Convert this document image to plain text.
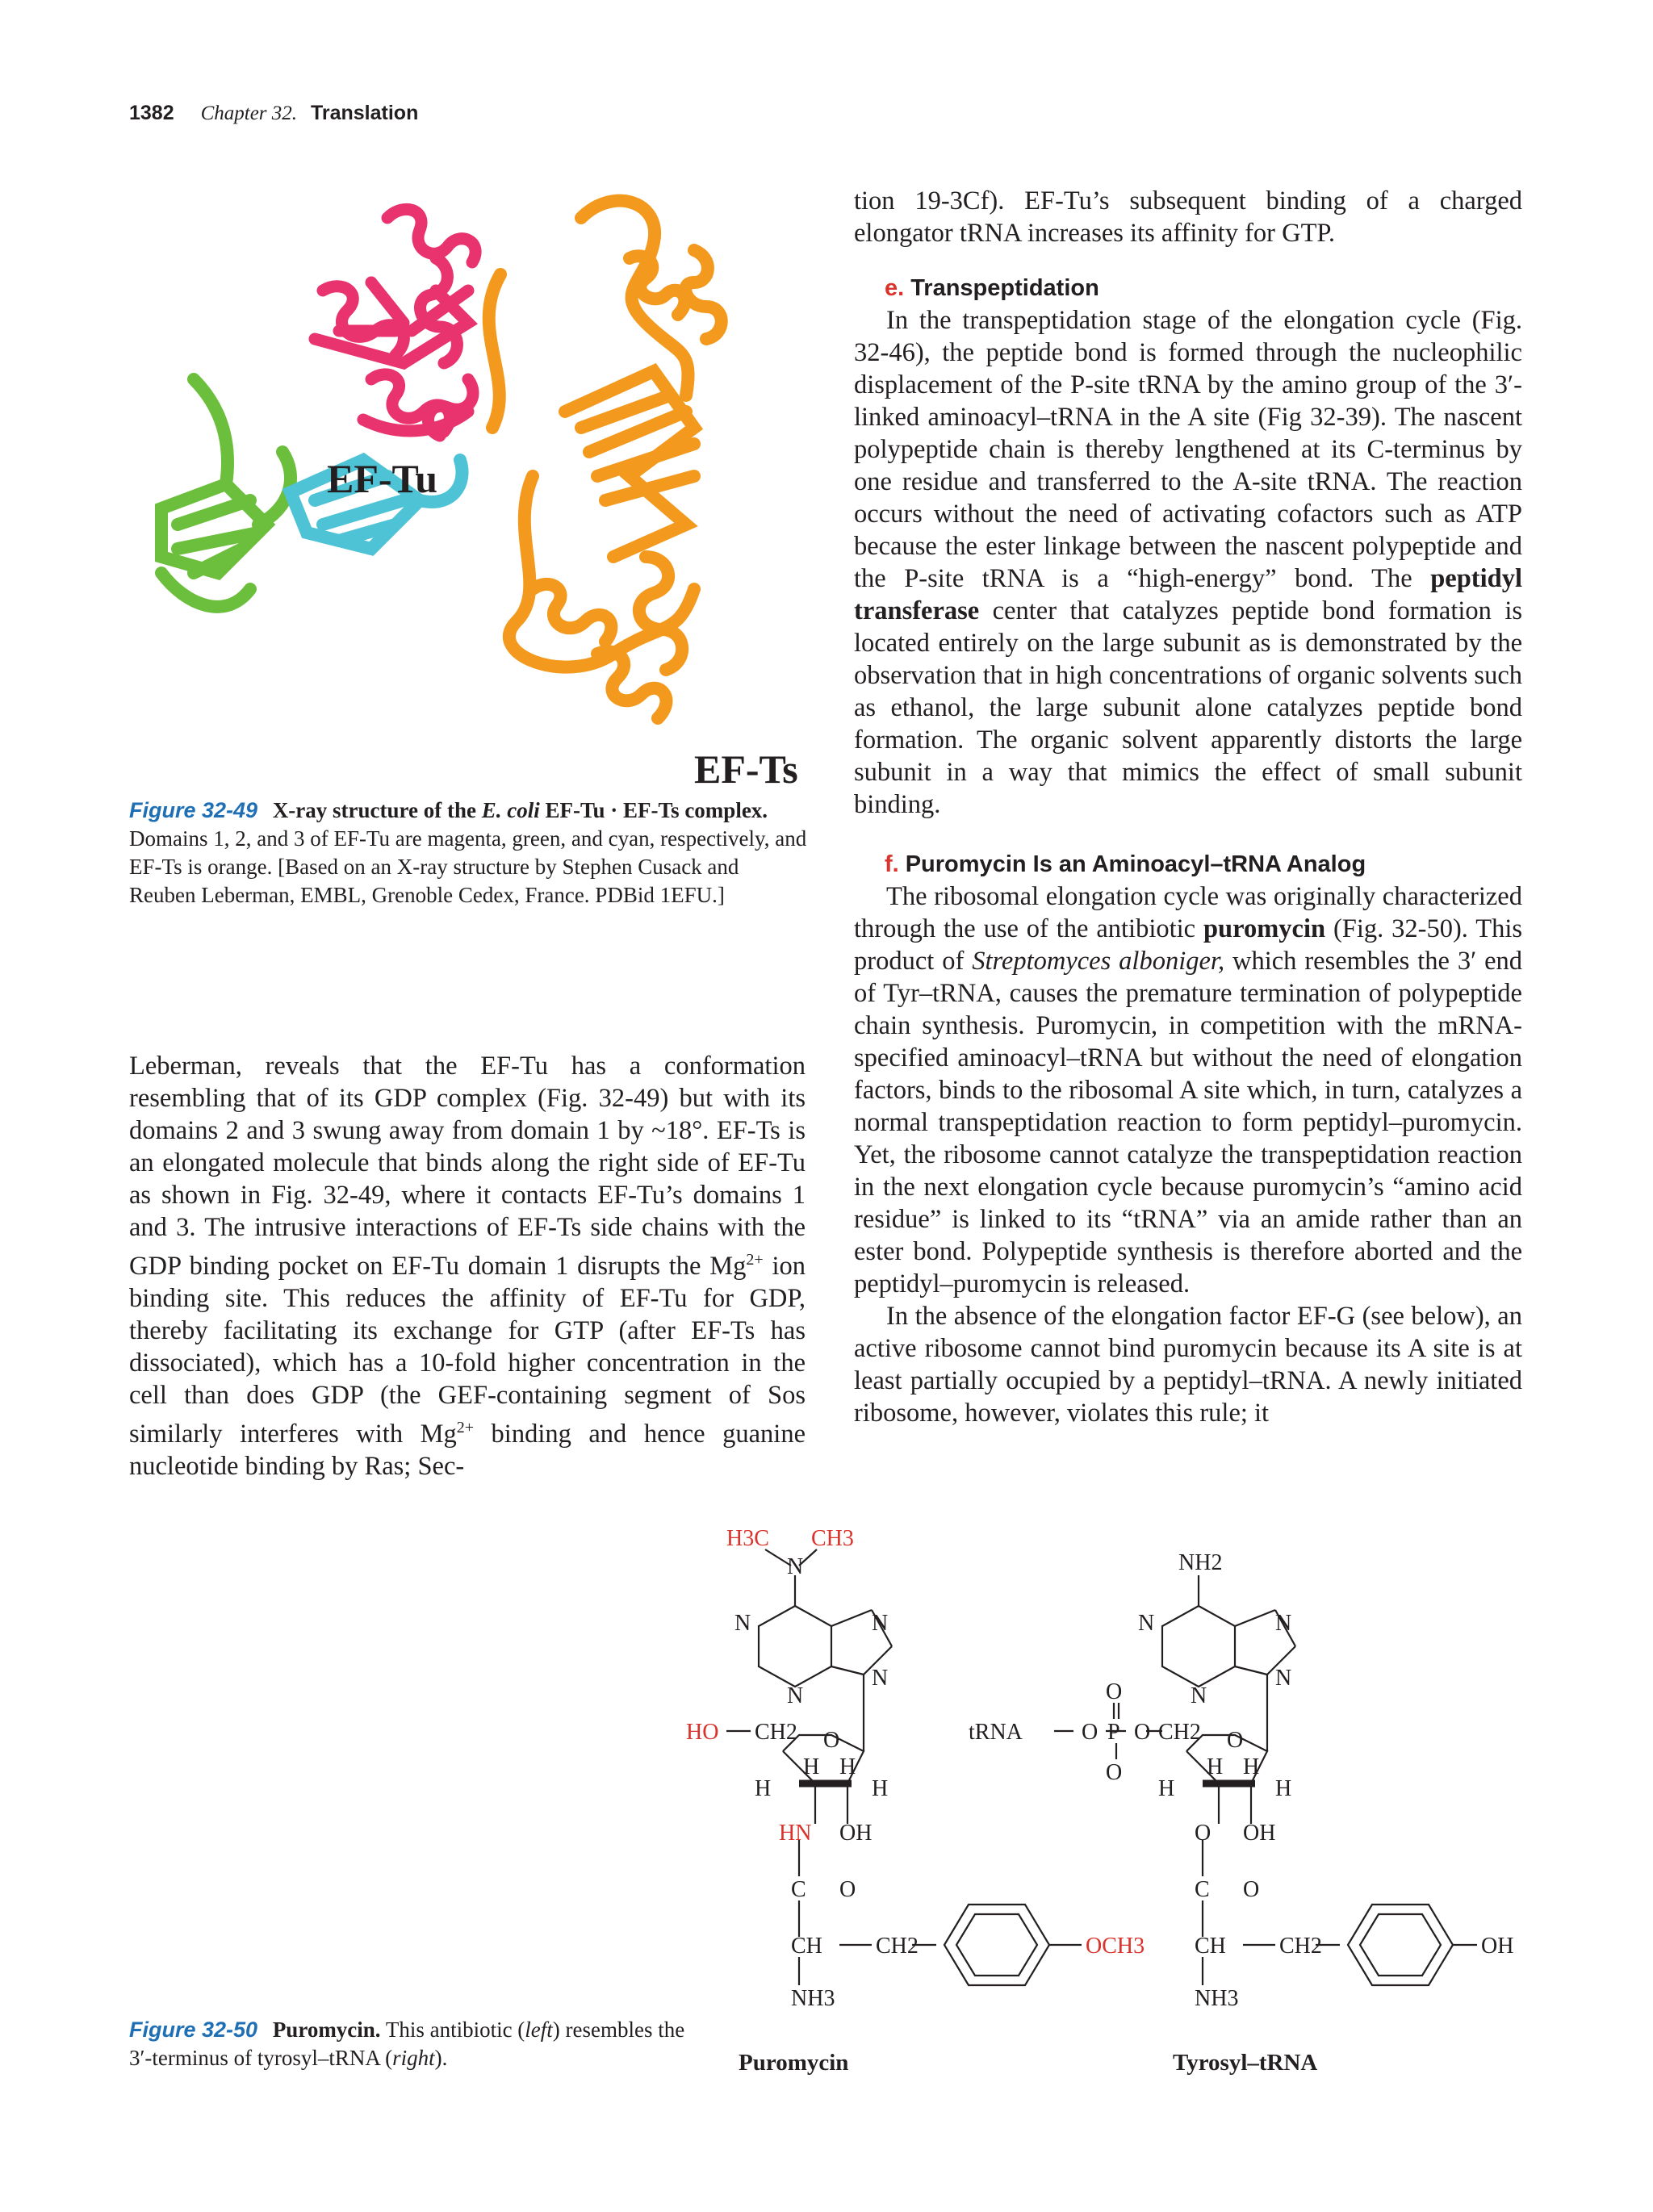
1382 Chapter 32. Translation
EF-Tu
EF-Ts
Figure 32-49 X-ray structure of the E. coli EF-Tu · EF-Ts complex. Domains 1, 2, and 3 of EF-Tu are magenta, green, and cyan, respectively, and EF-Ts is orange. [Based on an X-ray structure by Stephen Cusack and Reuben Leberman, EMBL, Grenoble Cedex, France. PDBid 1EFU.]

Leberman, reveals that the EF-Tu has a conformation resembling that of its GDP complex (Fig. 32-49) but with its domains 2 and 3 swung away from domain 1 by ~18°. EF-Ts is an elongated molecule that binds along the right side of EF-Tu as shown in Fig. 32-49, where it contacts EF-Tu’s domains 1 and 3. The intrusive interactions of EF-Ts side chains with the GDP binding pocket on EF-Tu domain 1 disrupts the $Mg^{2+}$ ion binding site. This reduces the affinity of EF-Tu for GDP, thereby facilitating its exchange for GTP (after EF-Ts has dissociated), which has a 10-fold higher concentration in the cell than does GDP (the GEF-containing segment of Sos similarly interferes with $Mg^{2+}$ binding and hence guanine nucleotide binding by Ras; Sec-

tion 19-3Cf). EF-Tu’s subsequent binding of a charged elongator tRNA increases its affinity for GTP.

e. Transpeptidation

In the transpeptidation stage of the elongation cycle (Fig. 32-46), the peptide bond is formed through the nucleophilic displacement of the P-site tRNA by the amino group of the 3′-linked aminoacyl–tRNA in the A site (Fig 32-39). The nascent polypeptide chain is thereby lengthened at its C-terminus by one residue and transferred to the A-site tRNA. The reaction occurs without the need of activating cofactors such as ATP because the ester linkage between the nascent polypeptide and the P-site tRNA is a “high-energy” bond. The peptidyl transferase center that catalyzes peptide bond formation is located entirely on the large subunit as is demonstrated by the observation that in high concentrations of organic solvents such as ethanol, the large subunit alone catalyzes peptide bond formation. The organic solvent apparently distorts the large subunit in a way that mimics the effect of small subunit binding.

f. Puromycin Is an Aminoacyl–tRNA Analog

The ribosomal elongation cycle was originally characterized through the use of the antibiotic puromycin (Fig. 32-50). This product of Streptomyces alboniger, which resembles the 3′ end of Tyr–tRNA, causes the premature termination of polypeptide chain synthesis. Puromycin, in competition with the mRNA-specified aminoacyl–tRNA but without the need of elongation factors, binds to the ribosomal A site which, in turn, catalyzes a normal transpeptidation reaction to form peptidyl–puromycin. Yet, the ribosome cannot catalyze the transpeptidation reaction in the next elongation cycle because puromycin’s “amino acid residue” is linked to its “tRNA” via an amide rather than an ester bond. Polypeptide synthesis is therefore aborted and the peptidyl–puromycin is released.

In the absence of the elongation factor EF-G (see below), an active ribosome cannot bind puromycin because its A site is at least partially occupied by a peptidyl–tRNA. A newly initiated ribosome, however, violates this rule; it

H3C CH3
N
N	N
N
N
HO CH2 O
H H
H	H
HN OH
C O
CH CH2
NH3
OCH3
NH2
N	N
N
N
O
tRNA	O P O CH2
O
O
H H
H	H
O OH
C O
CH CH2
NH3
OH
Puromycin	Tyrosyl–tRNA
Figure 32-50 Puromycin. This antibiotic (left) resembles the 3′-terminus of tyrosyl–tRNA (right).
